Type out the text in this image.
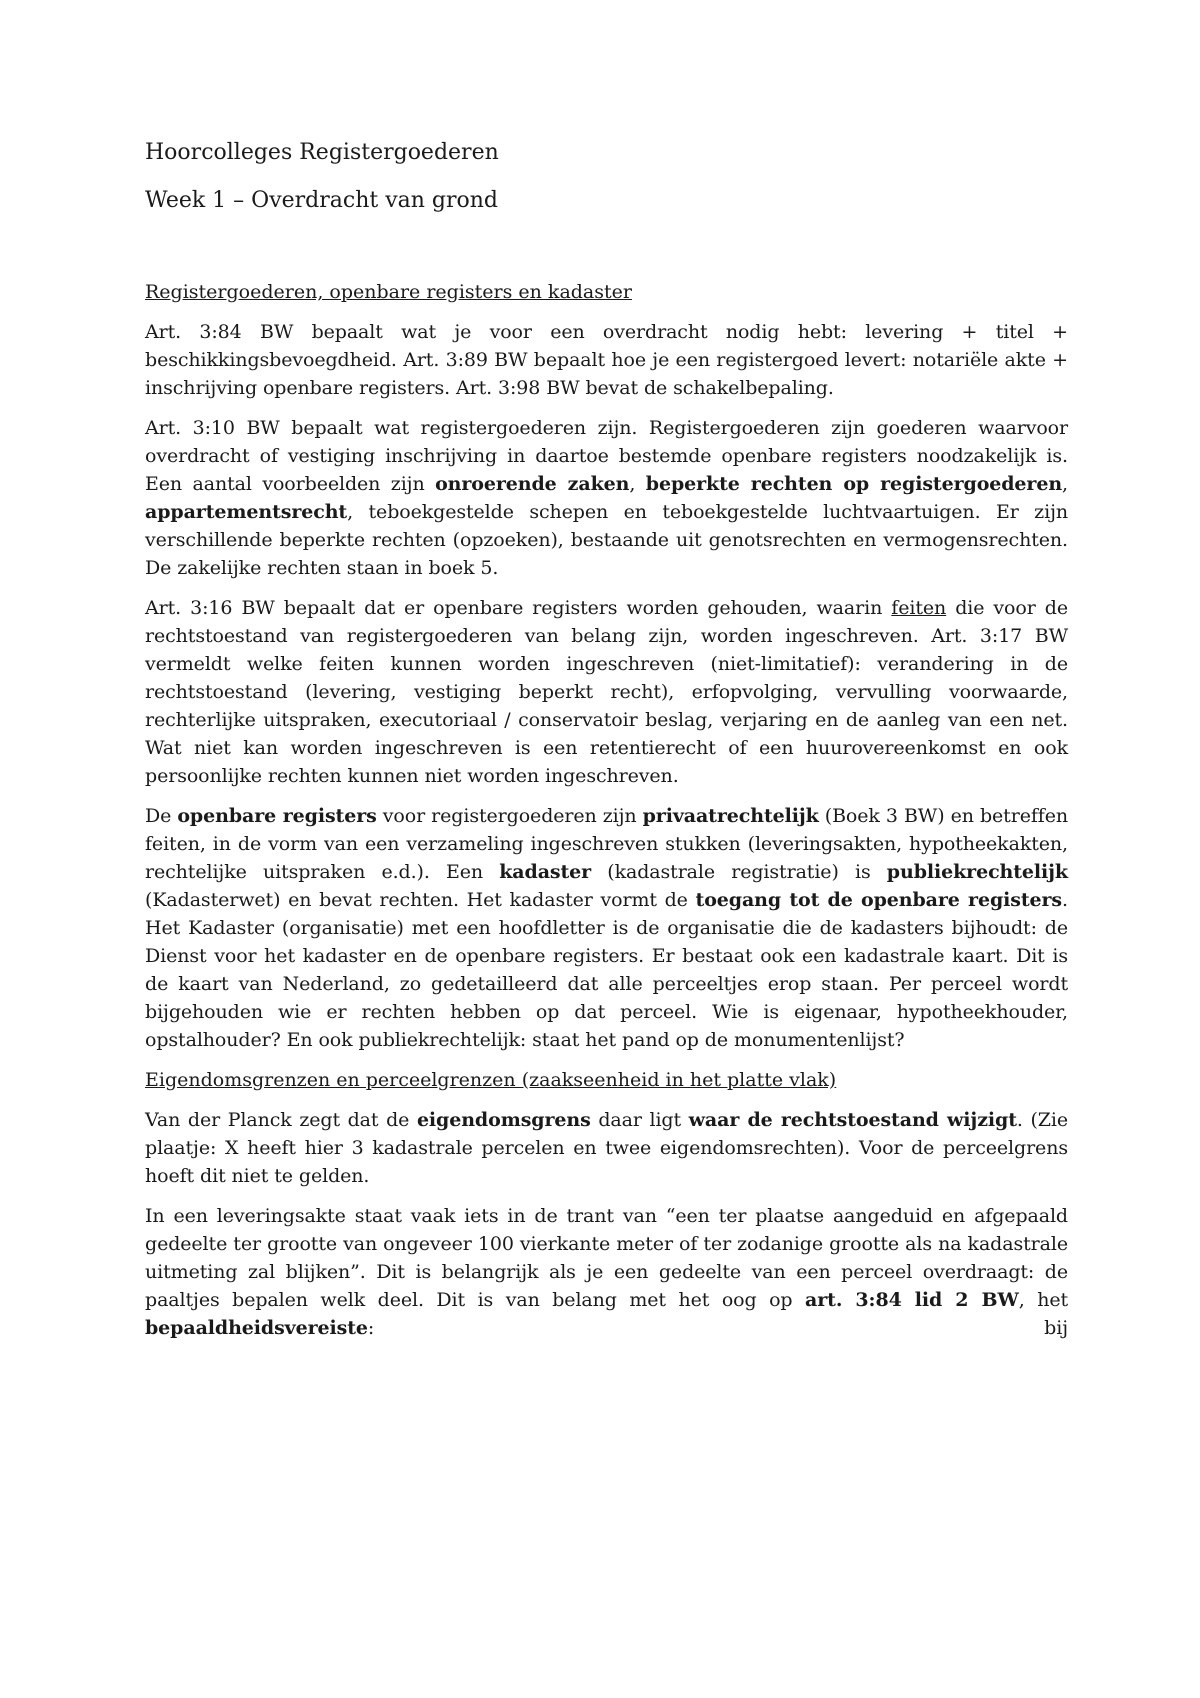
Hoorcolleges Registergoederen
Week 1 – Overdracht van grond
Registergoederen, openbare registers en kadaster

Art. 3:84 BW bepaalt wat je voor een overdracht nodig hebt: levering + titel + beschikkingsbevoegdheid. Art. 3:89 BW bepaalt hoe je een registergoed levert: notariële akte + inschrijving openbare registers. Art. 3:98 BW bevat de schakelbepaling.

Art. 3:10 BW bepaalt wat registergoederen zijn. Registergoederen zijn goederen waarvoor overdracht of vestiging inschrijving in daartoe bestemde openbare registers noodzakelijk is. Een aantal voorbeelden zijn onroerende zaken, beperkte rechten op registergoederen, appartementsrecht, teboekgestelde schepen en teboekgestelde luchtvaartuigen. Er zijn verschillende beperkte rechten (opzoeken), bestaande uit genotsrechten en vermogensrechten. De zakelijke rechten staan in boek 5.

Art. 3:16 BW bepaalt dat er openbare registers worden gehouden, waarin feiten die voor de rechtstoestand van registergoederen van belang zijn, worden ingeschreven. Art. 3:17 BW vermeldt welke feiten kunnen worden ingeschreven (niet-limitatief): verandering in de rechtstoestand (levering, vestiging beperkt recht), erfopvolging, vervulling voorwaarde, rechterlijke uitspraken, executoriaal / conservatoir beslag, verjaring en de aanleg van een net. Wat niet kan worden ingeschreven is een retentierecht of een huurovereenkomst en ook persoonlijke rechten kunnen niet worden ingeschreven.

De openbare registers voor registergoederen zijn privaatrechtelijk (Boek 3 BW) en betreffen feiten, in de vorm van een verzameling ingeschreven stukken (leveringsakten, hypotheekakten, rechtelijke uitspraken e.d.). Een kadaster (kadastrale registratie) is publiekrechtelijk (Kadasterwet) en bevat rechten. Het kadaster vormt de toegang tot de openbare registers. Het Kadaster (organisatie) met een hoofdletter is de organisatie die de kadasters bijhoudt: de Dienst voor het kadaster en de openbare registers. Er bestaat ook een kadastrale kaart. Dit is de kaart van Nederland, zo gedetailleerd dat alle perceeltjes erop staan. Per perceel wordt bijgehouden wie er rechten hebben op dat perceel. Wie is eigenaar, hypotheekhouder, opstalhouder? En ook publiekrechtelijk: staat het pand op de monumentenlijst?

Eigendomsgrenzen en perceelgrenzen (zaakseenheid in het platte vlak)

Van der Planck zegt dat de eigendomsgrens daar ligt waar de rechtstoestand wijzigt. (Zie plaatje: X heeft hier 3 kadastrale percelen en twee eigendomsrechten). Voor de perceelgrens hoeft dit niet te gelden.

In een leveringsakte staat vaak iets in de trant van “een ter plaatse aangeduid en afgepaald gedeelte ter grootte van ongeveer 100 vierkante meter of ter zodanige grootte als na kadastrale uitmeting zal blijken”. Dit is belangrijk als je een gedeelte van een perceel overdraagt: de paaltjes bepalen welk deel. Dit is van belang met het oog op art. 3:84 lid 2 BW, het bepaaldheidsvereiste: bij
